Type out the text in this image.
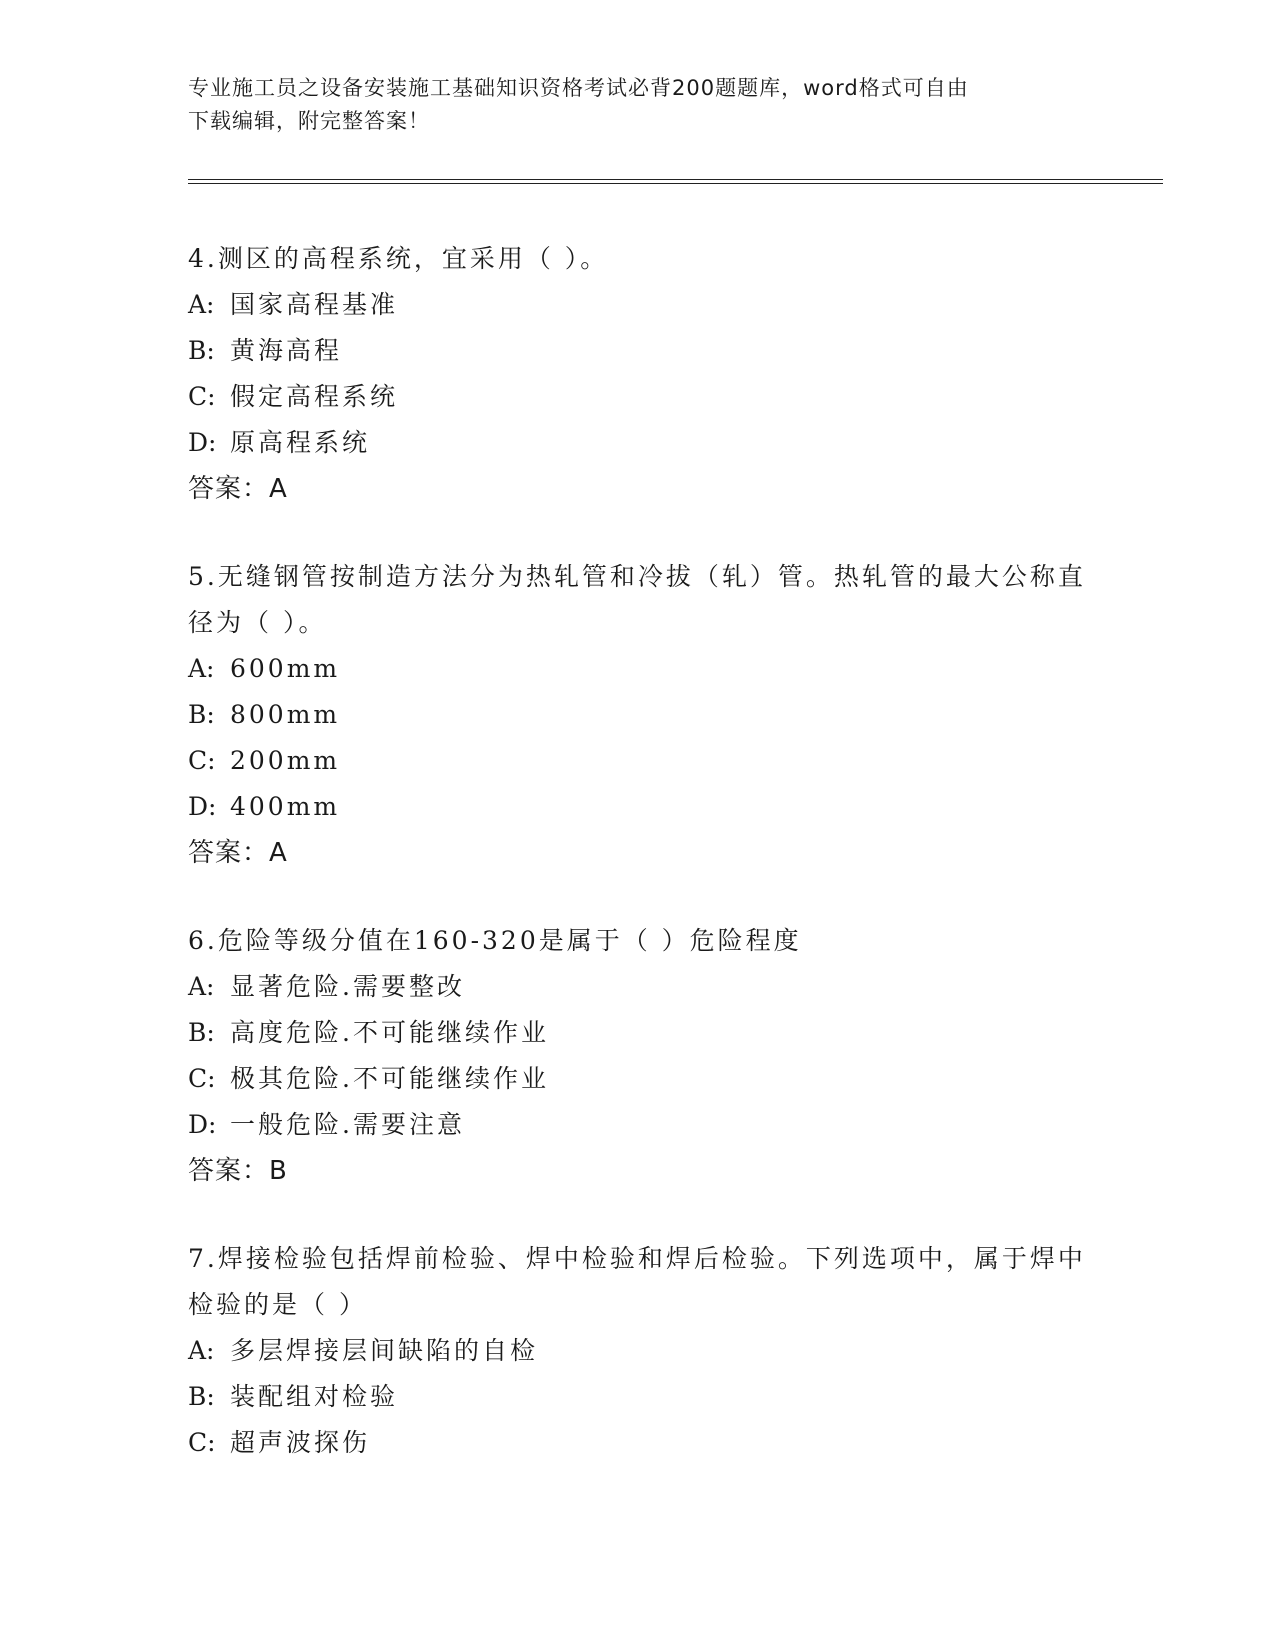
专业施工员之设备安装施工基础知识资格考试必背200题题库，word格式可自由
下载编辑，附完整答案！

4.测区的高程系统，宜采用（ ）。

A: 国家高程基准

B: 黄海高程

C: 假定高程系统

D: 原高程系统

答案：A

5.无缝钢管按制造方法分为热轧管和冷拔（轧）管。热轧管的最大公称直径为（ ）。

A: 600mm

B: 800mm

C: 200mm

D: 400mm

答案：A

6.危险等级分值在160-320是属于（ ）危险程度

A: 显著危险.需要整改

B: 高度危险.不可能继续作业

C: 极其危险.不可能继续作业

D: 一般危险.需要注意

答案：B

7.焊接检验包括焊前检验、焊中检验和焊后检验。下列选项中，属于焊中检验的是（ ）

A: 多层焊接层间缺陷的自检

B: 装配组对检验

C: 超声波探伤
